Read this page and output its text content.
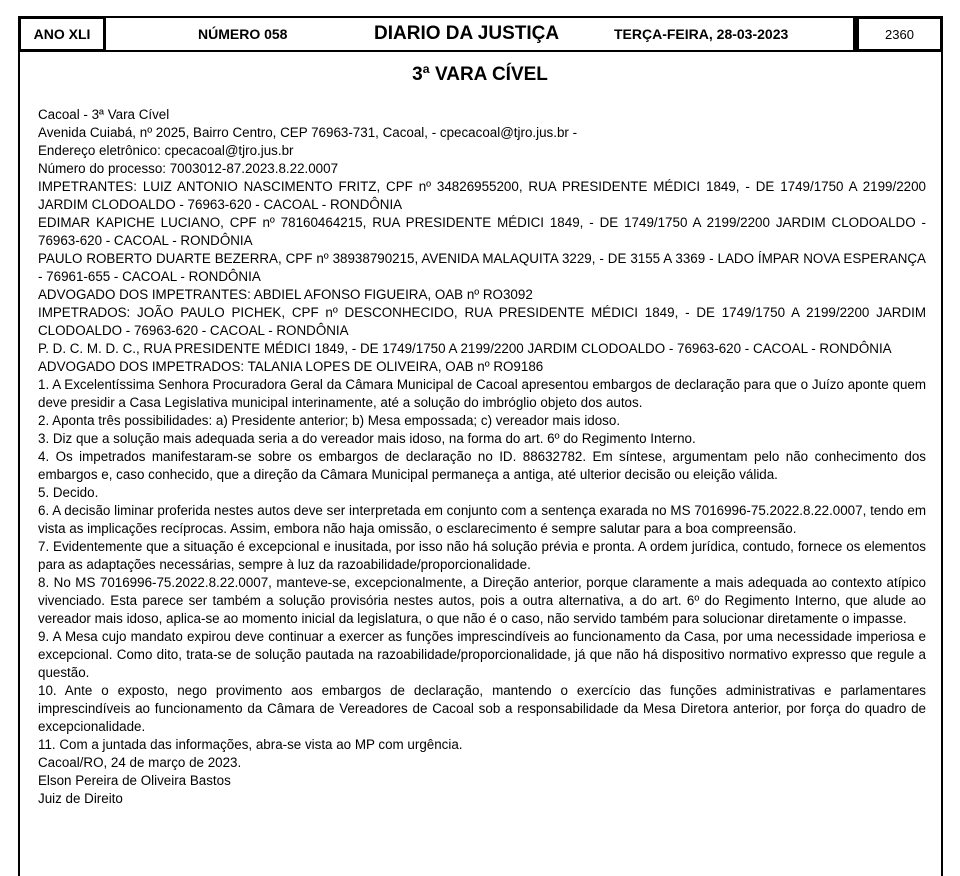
ANO XLI	NÚMERO 058	DIARIO DA JUSTIÇA	TERÇA-FEIRA, 28-03-2023	2360
3ª VARA CÍVEL

Cacoal - 3ª Vara Cível

Avenida Cuiabá, nº 2025, Bairro Centro, CEP 76963-731, Cacoal, - cpecacoal@tjro.jus.br -

Endereço eletrônico: cpecacoal@tjro.jus.br

Número do processo: 7003012-87.2023.8.22.0007

IMPETRANTES: LUIZ ANTONIO NASCIMENTO FRITZ, CPF nº 34826955200, RUA PRESIDENTE MÉDICI 1849, - DE 1749/1750 A 2199/2200 JARDIM CLODOALDO - 76963-620 - CACOAL - RONDÔNIA

EDIMAR KAPICHE LUCIANO, CPF nº 78160464215, RUA PRESIDENTE MÉDICI 1849, - DE 1749/1750 A 2199/2200 JARDIM CLODOALDO - 76963-620 - CACOAL - RONDÔNIA

PAULO ROBERTO DUARTE BEZERRA, CPF nº 38938790215, AVENIDA MALAQUITA 3229, - DE 3155 A 3369 - LADO ÍMPAR NOVA ESPERANÇA - 76961-655 - CACOAL - RONDÔNIA

ADVOGADO DOS IMPETRANTES: ABDIEL AFONSO FIGUEIRA, OAB nº RO3092

IMPETRADOS: JOÃO PAULO PICHEK, CPF nº DESCONHECIDO, RUA PRESIDENTE MÉDICI 1849, - DE 1749/1750 A 2199/2200 JARDIM CLODOALDO - 76963-620 - CACOAL - RONDÔNIA

P. D. C. M. D. C., RUA PRESIDENTE MÉDICI 1849, - DE 1749/1750 A 2199/2200 JARDIM CLODOALDO - 76963-620 - CACOAL - RONDÔNIA

ADVOGADO DOS IMPETRADOS: TALANIA LOPES DE OLIVEIRA, OAB nº RO9186

1. A Excelentíssima Senhora Procuradora Geral da Câmara Municipal de Cacoal apresentou embargos de declaração para que o Juízo aponte quem deve presidir a Casa Legislativa municipal interinamente, até a solução do imbróglio objeto dos autos.

2. Aponta três possibilidades: a) Presidente anterior; b) Mesa empossada; c) vereador mais idoso.

3. Diz que a solução mais adequada seria a do vereador mais idoso, na forma do art. 6º do Regimento Interno.

4. Os impetrados manifestaram-se sobre os embargos de declaração no ID. 88632782. Em síntese, argumentam pelo não conhecimento dos embargos e, caso conhecido, que a direção da Câmara Municipal permaneça a antiga, até ulterior decisão ou eleição válida.

5. Decido.

6. A decisão liminar proferida nestes autos deve ser interpretada em conjunto com a sentença exarada no MS 7016996-75.2022.8.22.0007, tendo em vista as implicações recíprocas. Assim, embora não haja omissão, o esclarecimento é sempre salutar para a boa compreensão.

7. Evidentemente que a situação é excepcional e inusitada, por isso não há solução prévia e pronta. A ordem jurídica, contudo, fornece os elementos para as adaptações necessárias, sempre à luz da razoabilidade/proporcionalidade.

8. No MS 7016996-75.2022.8.22.0007, manteve-se, excepcionalmente, a Direção anterior, porque claramente a mais adequada ao contexto atípico vivenciado. Esta parece ser também a solução provisória nestes autos, pois a outra alternativa, a do art. 6º do Regimento Interno, que alude ao vereador mais idoso, aplica-se ao momento inicial da legislatura, o que não é o caso, não servido também para solucionar diretamente o impasse.

9. A Mesa cujo mandato expirou deve continuar a exercer as funções imprescindíveis ao funcionamento da Casa, por uma necessidade imperiosa e excepcional. Como dito, trata-se de solução pautada na razoabilidade/proporcionalidade, já que não há dispositivo normativo expresso que regule a questão.

10. Ante o exposto, nego provimento aos embargos de declaração, mantendo o exercício das funções administrativas e parlamentares imprescindíveis ao funcionamento da Câmara de Vereadores de Cacoal sob a responsabilidade da Mesa Diretora anterior, por força do quadro de excepcionalidade.

11. Com a juntada das informações, abra-se vista ao MP com urgência.

Cacoal/RO, 24 de março de 2023.

Elson Pereira de Oliveira Bastos

Juiz de Direito
